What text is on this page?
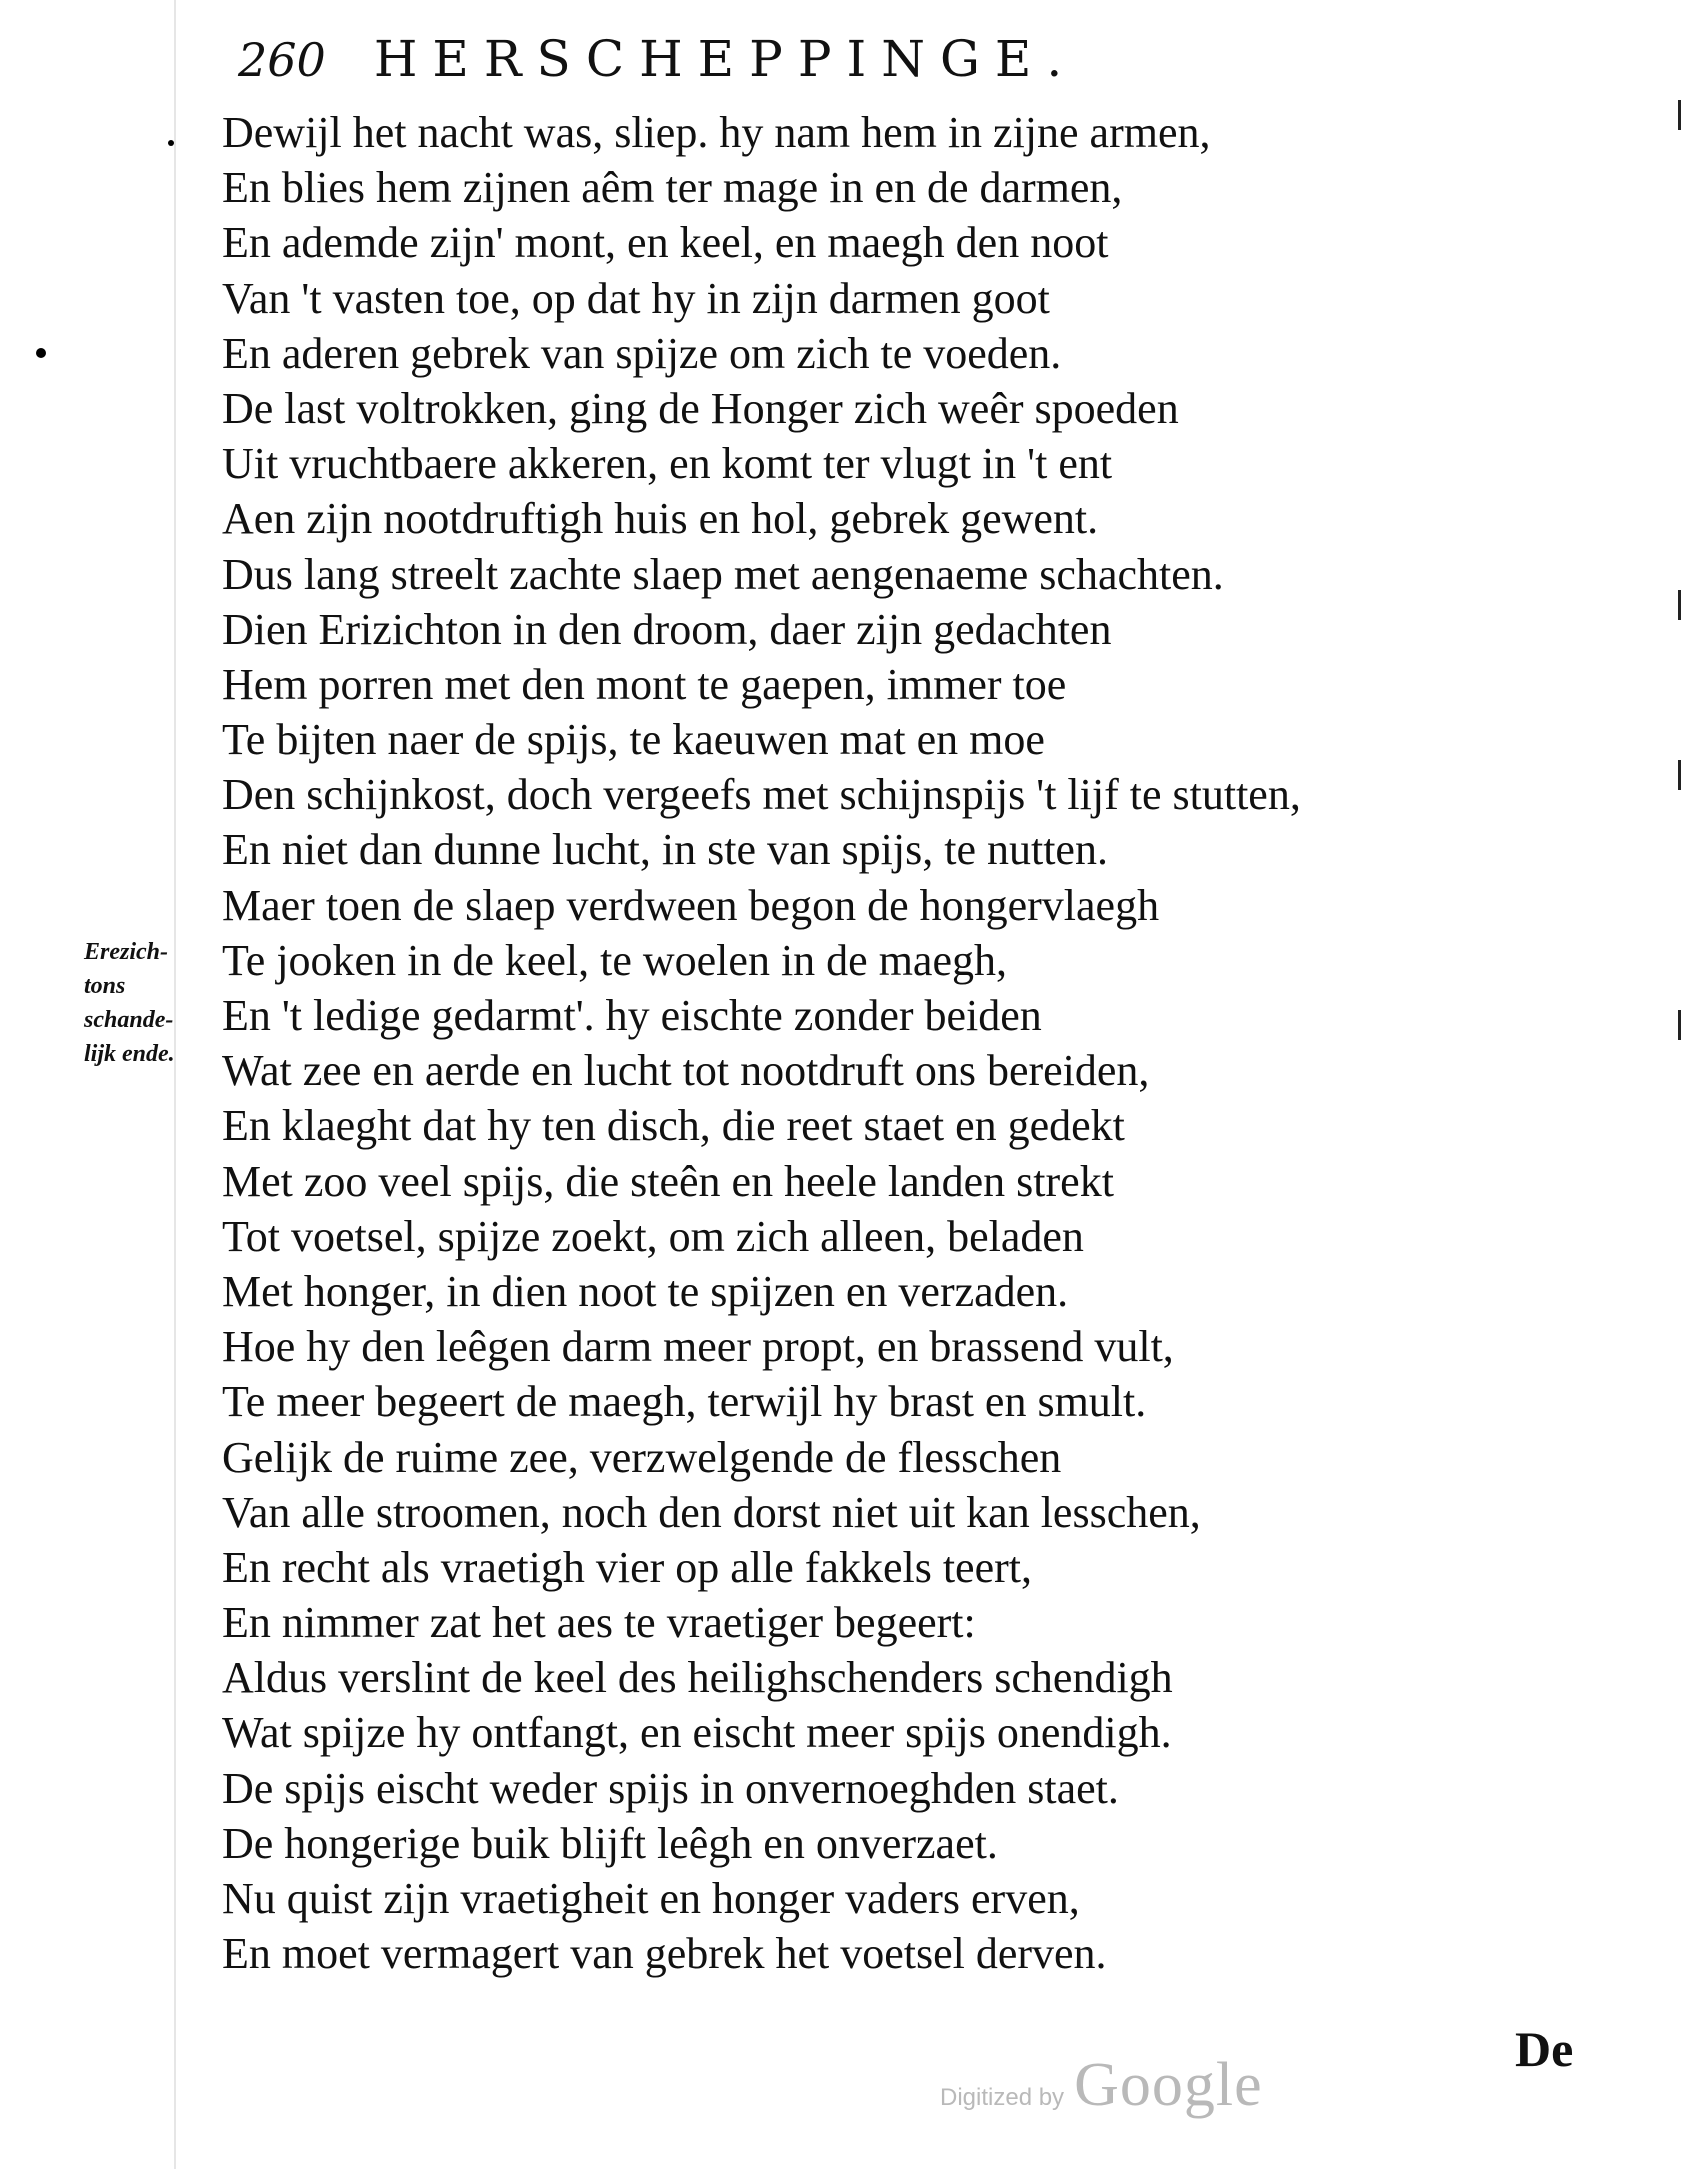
260 HERSCHEPPINGE.
Erezich-
tons
schande-
lijk ende.
Dewijl het nacht was, sliep. hy nam hem in zijne armen,
En blies hem zijnen aêm ter mage in en de darmen,
En ademde zijn' mont, en keel, en maegh den noot
Van 't vasten toe, op dat hy in zijn darmen goot
En aderen gebrek van spijze om zich te voeden.
De last voltrokken, ging de Honger zich weêr spoeden
Uit vruchtbaere akkeren, en komt ter vlugt in 't ent
Aen zijn nootdruftigh huis en hol, gebrek gewent.
Dus lang streelt zachte slaep met aengenaeme schachten.
Dien Erizichton in den droom, daer zijn gedachten
Hem porren met den mont te gaepen, immer toe
Te bijten naer de spijs, te kaeuwen mat en moe
Den schijnkost, doch vergeefs met schijnspijs 't lijf te stutten,
En niet dan dunne lucht, in ste van spijs, te nutten.
Maer toen de slaep verdween begon de hongervlaegh
Te jooken in de keel, te woelen in de maegh,
En 't ledige gedarmt'. hy eischte zonder beiden
Wat zee en aerde en lucht tot nootdruft ons bereiden,
En klaeght dat hy ten disch, die reet staet en gedekt
Met zoo veel spijs, die steên en heele landen strekt
Tot voetsel, spijze zoekt, om zich alleen, beladen
Met honger, in dien noot te spijzen en verzaden.
Hoe hy den leêgen darm meer propt, en brassend vult,
Te meer begeert de maegh, terwijl hy brast en smult.
Gelijk de ruime zee, verzwelgende de flesschen
Van alle stroomen, noch den dorst niet uit kan lesschen,
En recht als vraetigh vier op alle fakkels teert,
En nimmer zat het aes te vraetiger begeert:
Aldus verslint de keel des heilighschenders schendigh
Wat spijze hy ontfangt, en eischt meer spijs onendigh.
De spijs eischt weder spijs in onvernoeghden staet.
De hongerige buik blijft leêgh en onverzaet.
Nu quist zijn vraetigheit en honger vaders erven,
En moet vermagert van gebrek het voetsel derven.
De
Digitized by Google
